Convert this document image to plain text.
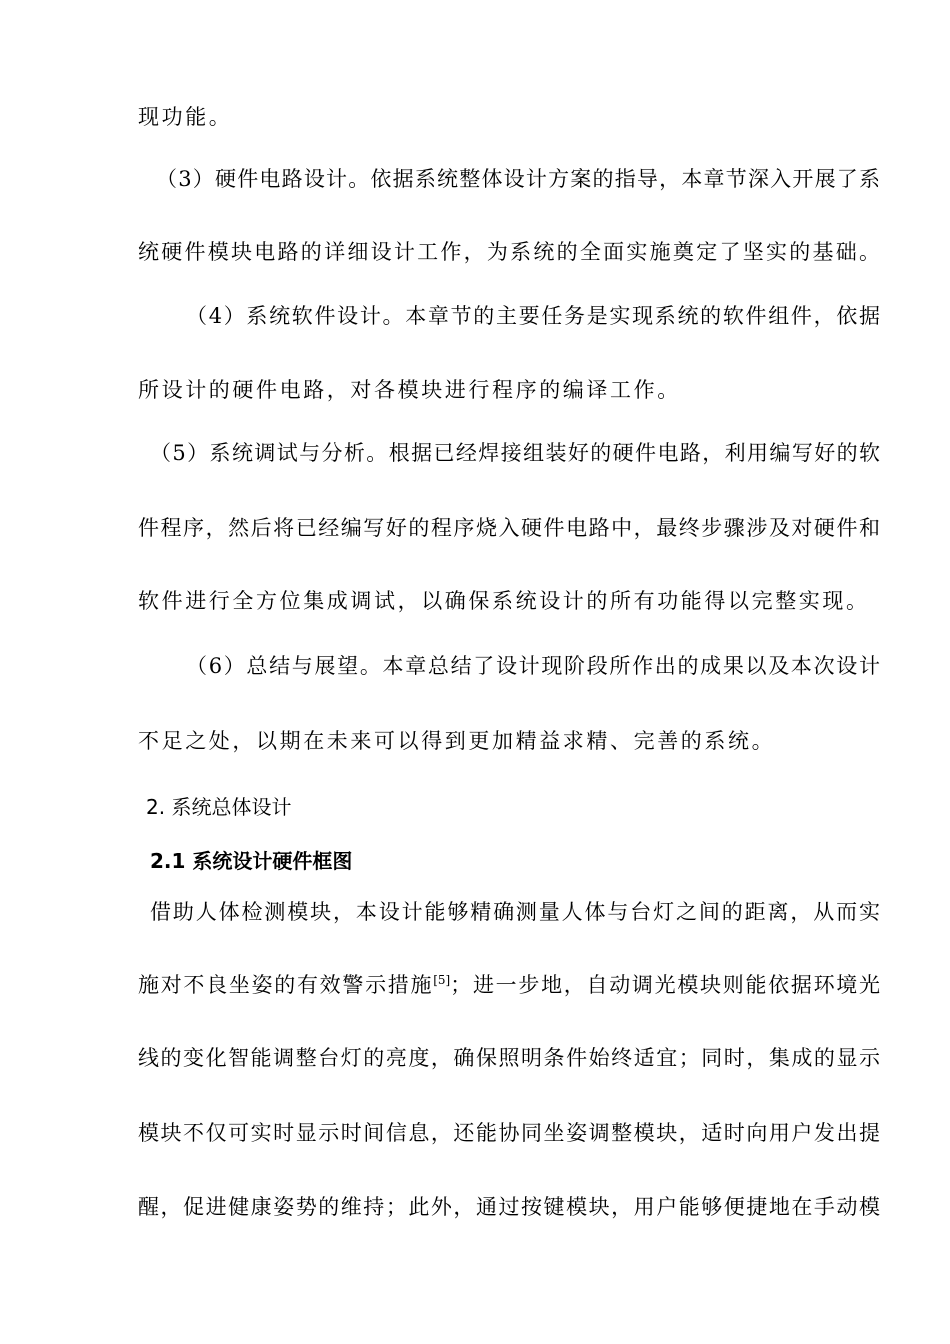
现功能。
（3）硬件电路设计。依据系统整体设计方案的指导，本章节深入开展了系
统硬件模块电路的详细设计工作，为系统的全面实施奠定了坚实的基础。
（4）系统软件设计。本章节的主要任务是实现系统的软件组件，依据
所设计的硬件电路，对各模块进行程序的编译工作。
（5）系统调试与分析。根据已经焊接组装好的硬件电路，利用编写好的软
件程序，然后将已经编写好的程序烧入硬件电路中，最终步骤涉及对硬件和
软件进行全方位集成调试，以确保系统设计的所有功能得以完整实现。
（6）总结与展望。本章总结了设计现阶段所作出的成果以及本次设计
不足之处，以期在未来可以得到更加精益求精、完善的系统。
2. 系统总体设计
2.1 系统设计硬件框图
借助人体检测模块，本设计能够精确测量人体与台灯之间的距离，从而实
施对不良坐姿的有效警示措施[5]；进一步地，自动调光模块则能依据环境光
线的变化智能调整台灯的亮度，确保照明条件始终适宜；同时，集成的显示
模块不仅可实时显示时间信息，还能协同坐姿调整模块，适时向用户发出提
醒，促进健康姿势的维持；此外，通过按键模块，用户能够便捷地在手动模
